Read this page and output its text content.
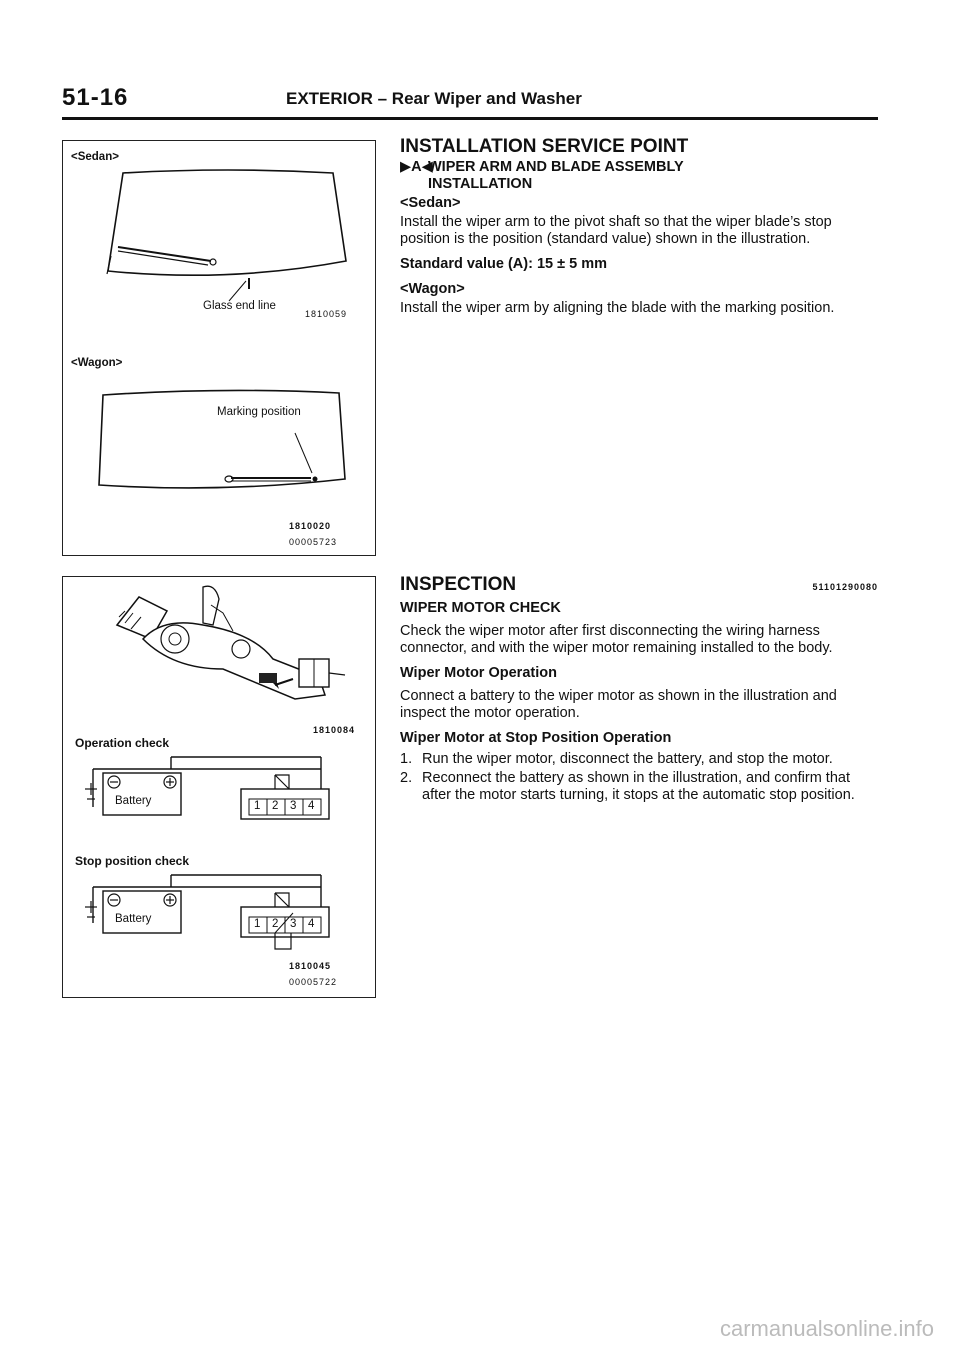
51-16	EXTERIOR – Rear Wiper and Washer
<Sedan>
Glass end line
1810059
<Wagon>
Marking position
1810020
00005723
1810084
Operation check
Battery	1	2	3	4
Stop position check
Battery	1	2	3	4
1810045
00005722
INSTALLATION SERVICE POINT
▶A◀
WIPER ARM AND BLADE ASSEMBLY
INSTALLATION
<Sedan>

Install the wiper arm to the pivot shaft so that the wiper blade’s stop position is the position (standard value) shown in the illustration.

Standard value (A): 15 ± 5 mm
<Wagon>

Install the wiper arm by aligning the blade with the marking position.

INSPECTION	51101290080
WIPER MOTOR CHECK

Check the wiper motor after first disconnecting the wiring harness connector, and with the wiper motor remaining installed to the body.

Wiper Motor Operation

Connect a battery to the wiper motor as shown in the illustration and inspect the motor operation.

Wiper Motor at Stop Position Operation
1. Run the wiper motor, disconnect the battery, and stop the motor.
2. Reconnect the battery as shown in the illustration, and confirm that after the motor starts turning, it stops at the automatic stop position.
carmanualsonline.info
